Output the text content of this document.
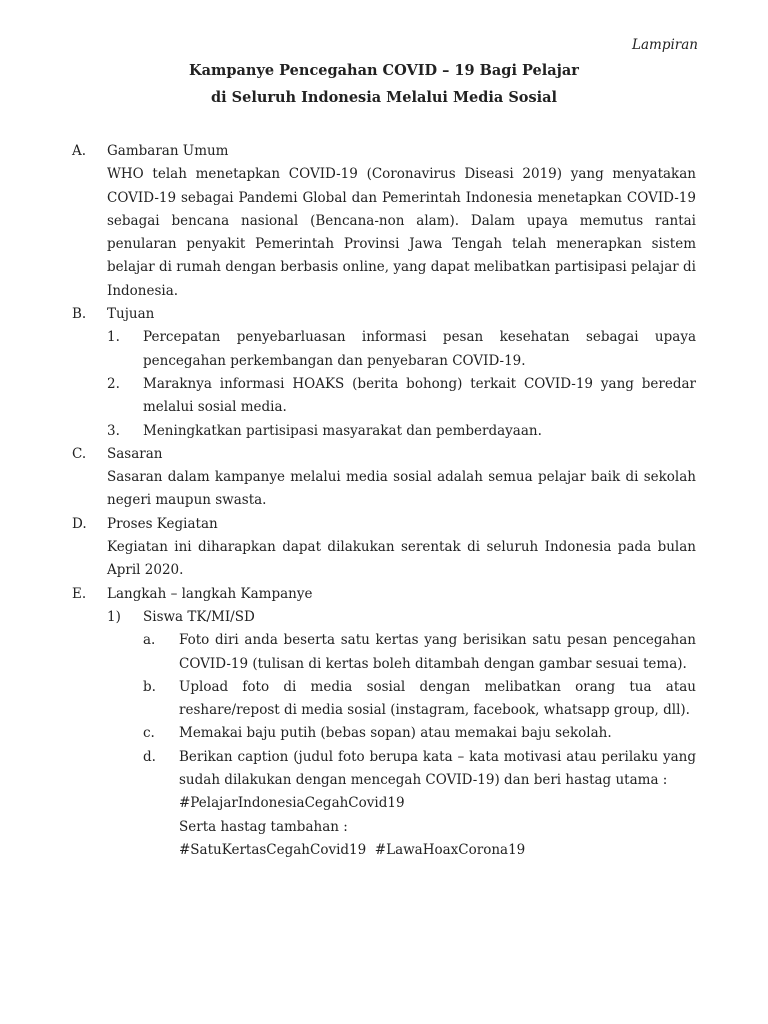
Lampiran
Kampanye Pencegahan COVID – 19 Bagi Pelajar
di Seluruh Indonesia Melalui Media Sosial
A. Gambaran Umum
WHO telah menetapkan COVID-19 (Coronavirus Diseasi 2019) yang menyatakan COVID-19 sebagai Pandemi Global dan Pemerintah Indonesia menetapkan COVID-19 sebagai bencana nasional (Bencana-non alam). Dalam upaya memutus rantai penularan penyakit Pemerintah Provinsi Jawa Tengah telah menerapkan sistem belajar di rumah dengan berbasis online, yang dapat melibatkan partisipasi pelajar di Indonesia.
B. Tujuan
1. Percepatan penyebarluasan informasi pesan kesehatan sebagai upaya pencegahan perkembangan dan penyebaran COVID-19.
2. Maraknya informasi HOAKS (berita bohong) terkait COVID-19 yang beredar melalui sosial media.
3. Meningkatkan partisipasi masyarakat dan pemberdayaan.
C. Sasaran
Sasaran dalam kampanye melalui media sosial adalah semua pelajar baik di sekolah negeri maupun swasta.
D. Proses Kegiatan
Kegiatan ini diharapkan dapat dilakukan serentak di seluruh Indonesia pada bulan April 2020.
E. Langkah – langkah Kampanye
1) Siswa TK/MI/SD
a. Foto diri anda beserta satu kertas yang berisikan satu pesan pencegahan COVID-19 (tulisan di kertas boleh ditambah dengan gambar sesuai tema).
b. Upload foto di media sosial dengan melibatkan orang tua atau reshare/repost di media sosial (instagram, facebook, whatsapp group, dll).
c. Memakai baju putih (bebas sopan) atau memakai baju sekolah.
d. Berikan caption (judul foto berupa kata – kata motivasi atau perilaku yang sudah dilakukan dengan mencegah COVID-19) dan beri hastag utama :
#PelajarIndonesiaCegahCovid19
Serta hastag tambahan :
#SatuKertasCegahCovid19  #LawaHoaxCorona19
